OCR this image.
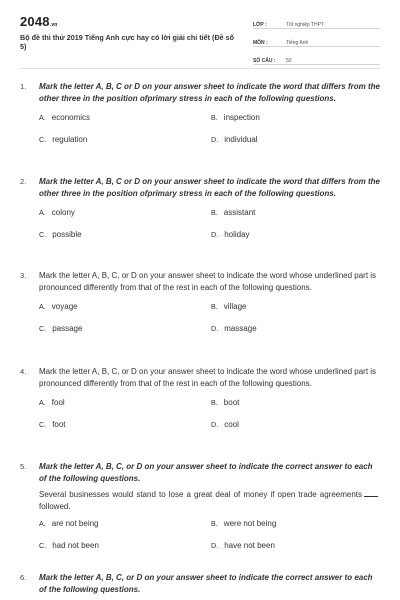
2048.vn
Bộ đề thi thử 2019 Tiếng Anh cực hay có lời giải chi tiết (Đề số 5)
LỚP :	Tốt nghiệp THPT
MÔN :	Tiếng Anh
SỐ CÂU :	50
1.	Mark the letter A, B, C or D on your answer sheet to indicate the word that differs from the other three in the position ofprimary stress in each of the following questions.
A. economics	B. inspection
C. regulation	D. individual
2.	Mark the letter A, B, C or D on your answer sheet to indicate the word that differs from the other three in the position ofprimary stress in each of the following questions.
A. colony	B. assistant
C. possible	D. holiday
3.	Mark the letter A, B, C, or D on your answer sheet to indicate the word whose underlined part is pronounced differently from that of the rest in each of the following questions.
A. voyage	B. village
C. passage	D. massage
4.	Mark the letter A, B, C, or D on your answer sheet to indicate the word whose underlined part is pronounced differently from that of the rest in each of the following questions.
A. fool	B. boot
C. foot	D. cool
5.	Mark the letter A, B, C, or D on your answer sheet to indicate the correct answer to each of the following questions.
Several businesses would stand to lose a great deal of money if open trade agreementsfollowed.
A. are not being	B. were not being
C. had not been	D. have not been
6.	Mark the letter A, B, C, or D on your answer sheet to indicate the correct answer to each of the following questions.
